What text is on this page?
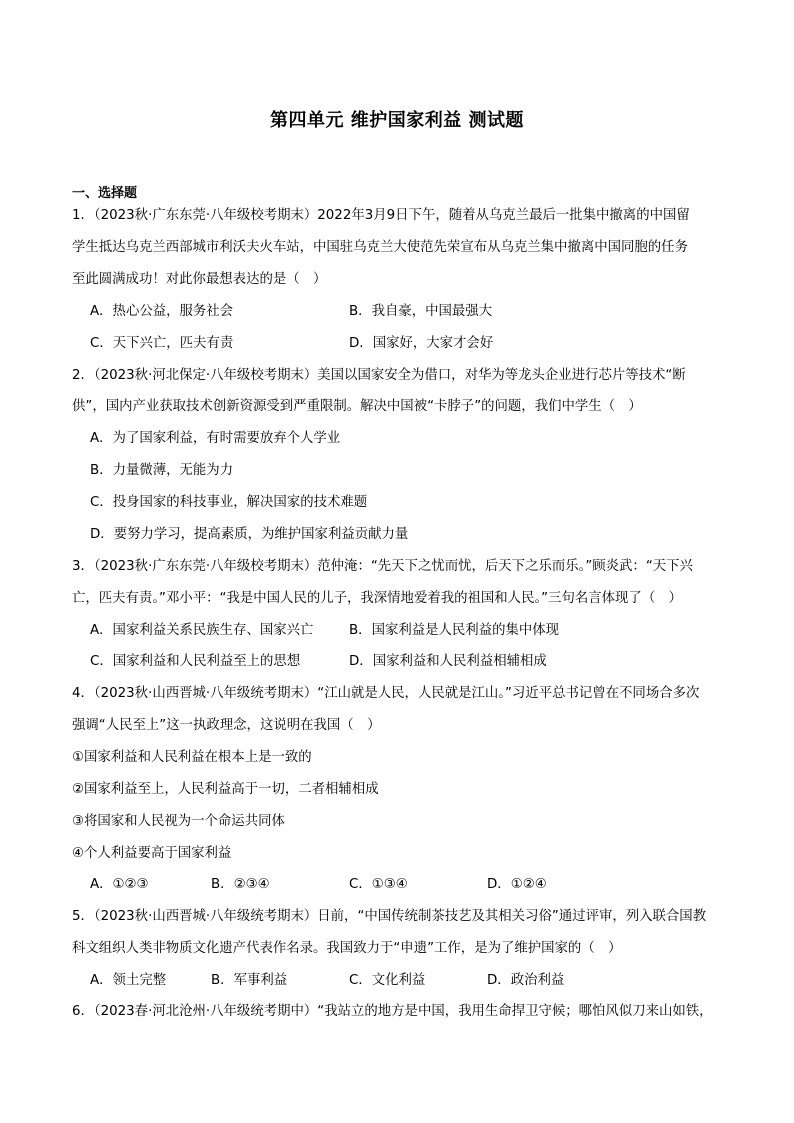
第四单元 维护国家利益 测试题
一、选择题
1．（2023秋·广东东莞·八年级校考期末）2022年3月9日下午，随着从乌克兰最后一批集中撤离的中国留
学生抵达乌克兰西部城市利沃夫火车站，中国驻乌克兰大使范先荣宣布从乌克兰集中撤离中国同胞的任务
至此圆满成功！对此你最想表达的是（　）
A．热心公益，服务社会	B．我自豪，中国最强大
C．天下兴亡，匹夫有责	D．国家好，大家才会好
2．（2023秋·河北保定·八年级校考期末）美国以国家安全为借口，对华为等龙头企业进行芯片等技术“断
供”，国内产业获取技术创新资源受到严重限制。解决中国被“卡脖子”的问题，我们中学生（　）
A．为了国家利益，有时需要放弃个人学业
B．力量微薄，无能为力
C．投身国家的科技事业，解决国家的技术难题
D．要努力学习，提高素质，为维护国家利益贡献力量
3．（2023秋·广东东莞·八年级校考期末）范仲淹：“先天下之忧而忧，后天下之乐而乐。”顾炎武：“天下兴
亡，匹夫有责。”邓小平：“我是中国人民的儿子，我深情地爱着我的祖国和人民。”三句名言体现了（　）
A．国家利益关系民族生存、国家兴亡	B．国家利益是人民利益的集中体现
C．国家利益和人民利益至上的思想	D．国家利益和人民利益相辅相成
4．（2023秋·山西晋城·八年级统考期末）“江山就是人民，人民就是江山。”习近平总书记曾在不同场合多次
强调“人民至上”这一执政理念，这说明在我国（　）
①国家利益和人民利益在根本上是一致的
②国家利益至上，人民利益高于一切，二者相辅相成
③将国家和人民视为一个命运共同体
④个人利益要高于国家利益
A．①②③	B．②③④	C．①③④	D．①②④
5．（2023秋·山西晋城·八年级统考期末）日前，“中国传统制茶技艺及其相关习俗”通过评审，列入联合国教
科文组织人类非物质文化遗产代表作名录。我国致力于“申遗”工作，是为了维护国家的（　）
A．领土完整	B．军事利益	C．文化利益	D．政治利益
6．（2023春·河北沧州·八年级统考期中）“我站立的地方是中国，我用生命捍卫守候；哪怕风似刀来山如铁，
